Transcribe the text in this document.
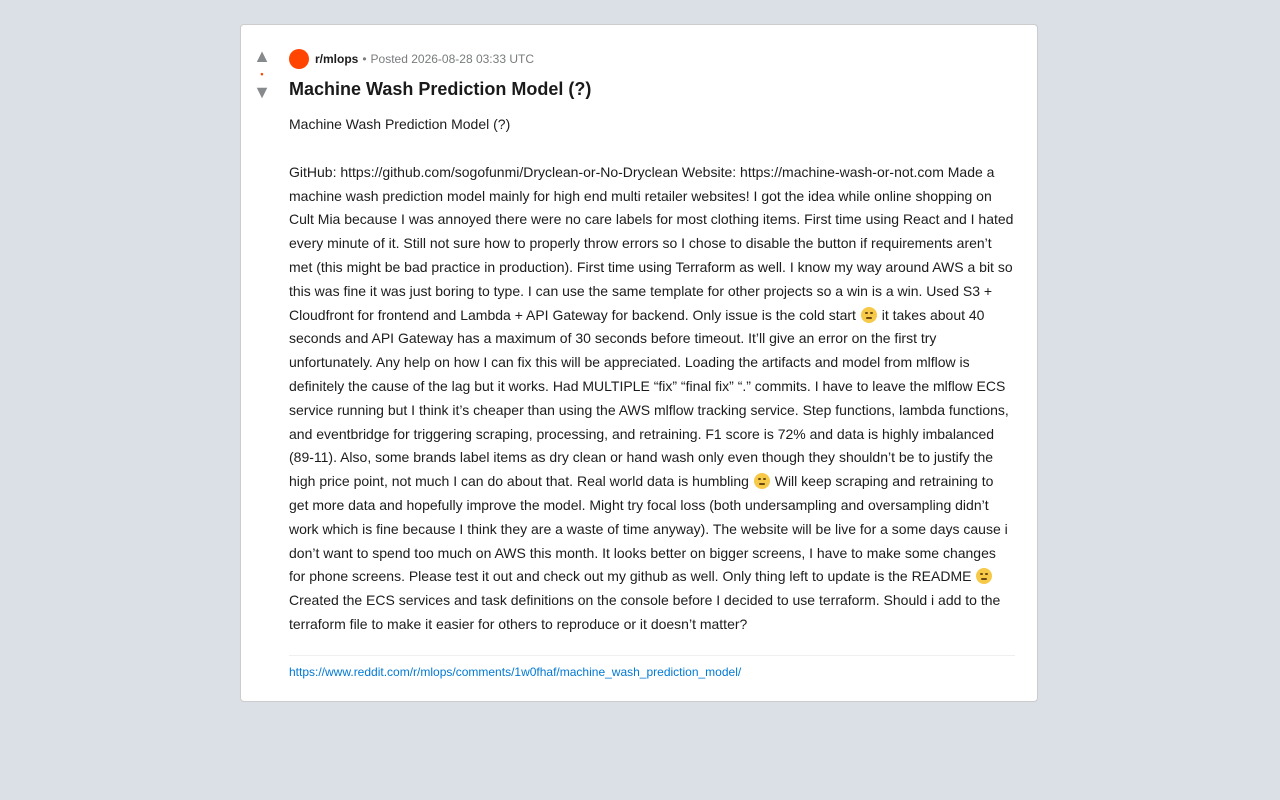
▲
•
▼
r/mlops • Posted 2026-08-28 03:33 UTC
Machine Wash Prediction Model (?)

Machine Wash Prediction Model (?)

GitHub: https://github.com/sogofunmi/Dryclean-or-No-Dryclean Website: https://machine-wash-or-not.com Made a machine wash prediction model mainly for high end multi retailer websites! I got the idea while online shopping on Cult Mia because I was annoyed there were no care labels for most clothing items. First time using React and I hated every minute of it. Still not sure how to properly throw errors so I chose to disable the button if requirements aren’t met (this might be bad practice in production). First time using Terraform as well. I know my way around AWS a bit so this was fine it was just boring to type. I can use the same template for other projects so a win is a win. Used S3 + Cloudfront for frontend and Lambda + API Gateway for backend. Only issue is the cold start it takes about 40 seconds and API Gateway has a maximum of 30 seconds before timeout. It’ll give an error on the first try unfortunately. Any help on how I can fix this will be appreciated. Loading the artifacts and model from mlflow is definitely the cause of the lag but it works. Had MULTIPLE “fix” “final fix” “.” commits. I have to leave the mlflow ECS service running but I think it’s cheaper than using the AWS mlflow tracking service. Step functions, lambda functions, and eventbridge for triggering scraping, processing, and retraining. F1 score is 72% and data is highly imbalanced (89-11). Also, some brands label items as dry clean or hand wash only even though they shouldn’t be to justify the high price point, not much I can do about that. Real world data is humbling Will keep scraping and retraining to get more data and hopefully improve the model. Might try focal loss (both undersampling and oversampling didn’t work which is fine because I think they are a waste of time anyway). The website will be live for a some days cause i don’t want to spend too much on AWS this month. It looks better on bigger screens, I have to make some changes for phone screens. Please test it out and check out my github as well. Only thing left to update is the README
Created the ECS services and task definitions on the console before I decided to use terraform. Should i add to the terraform file to make it easier for others to reproduce or it doesn’t matter?

https://www.reddit.com/r/mlops/comments/1w0fhaf/machine_wash_prediction_model/
